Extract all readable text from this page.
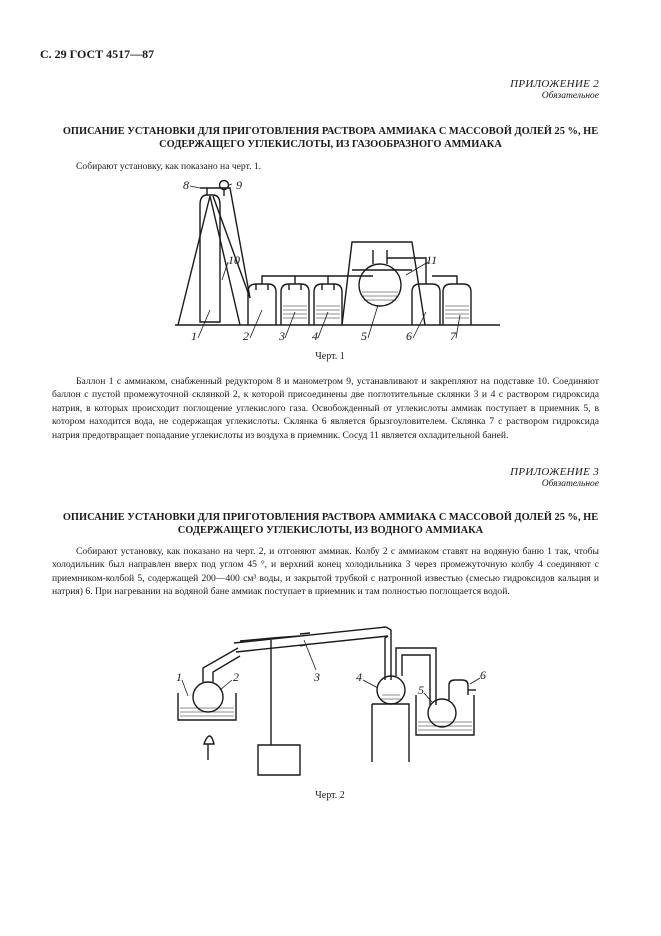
С. 29 ГОСТ 4517—87
ПРИЛОЖЕНИЕ 2
Обязательное
ОПИСАНИЕ УСТАНОВКИ ДЛЯ ПРИГОТОВЛЕНИЯ РАСТВОРА АММИАКА С МАССОВОЙ ДОЛЕЙ 25 %, НЕ СОДЕРЖАЩЕГО УГЛЕКИСЛОТЫ, ИЗ ГАЗООБРАЗНОГО АММИАКА
Собирают установку, как показано на черт. 1.
1	2	3 4	5	6	7
8	9
10	11
Черт. 1
Баллон 1 с аммиаком, снабженный редуктором 8 и манометром 9, устанавливают и закрепляют на подставке 10. Соединяют баллон с пустой промежуточной склянкой 2, к которой присоединены две поглотительные склянки 3 и 4 с раствором гидроксида натрия, в которых происходит поглощение углекислого газа. Освобожденный от углекислоты аммиак поступает в приемник 5, в котором находится вода, не содержащая углекислоты. Склянка 6 является брызгоуловителем. Склянка 7 с раствором гидроксида натрия предотвращает попадание углекислоты из воздуха в приемник. Сосуд 11 является охладительной баней.
ПРИЛОЖЕНИЕ 3
Обязательное
ОПИСАНИЕ УСТАНОВКИ ДЛЯ ПРИГОТОВЛЕНИЯ РАСТВОРА АММИАКА С МАССОВОЙ ДОЛЕЙ 25 %, НЕ СОДЕРЖАЩЕГО УГЛЕКИСЛОТЫ, ИЗ ВОДНОГО АММИАКА
Собирают установку, как показано на черт. 2, и отгоняют аммиак. Колбу 2 с аммиаком ставят на водяную баню 1 так, чтобы холодильник был направлен вверх под углом 45 °, и верхний конец холодильника 3 через промежуточную колбу 4 соединяют с приемником-колбой 5, содержащей 200—400 см³ воды, и закрытой трубкой с натронной известью (смесью гидроксидов кальция и натрия) 6. При нагревании на водяной бане аммиак поступает в приемник и там полностью поглощается водой.
1	2	3	4
5
6
Черт. 2
